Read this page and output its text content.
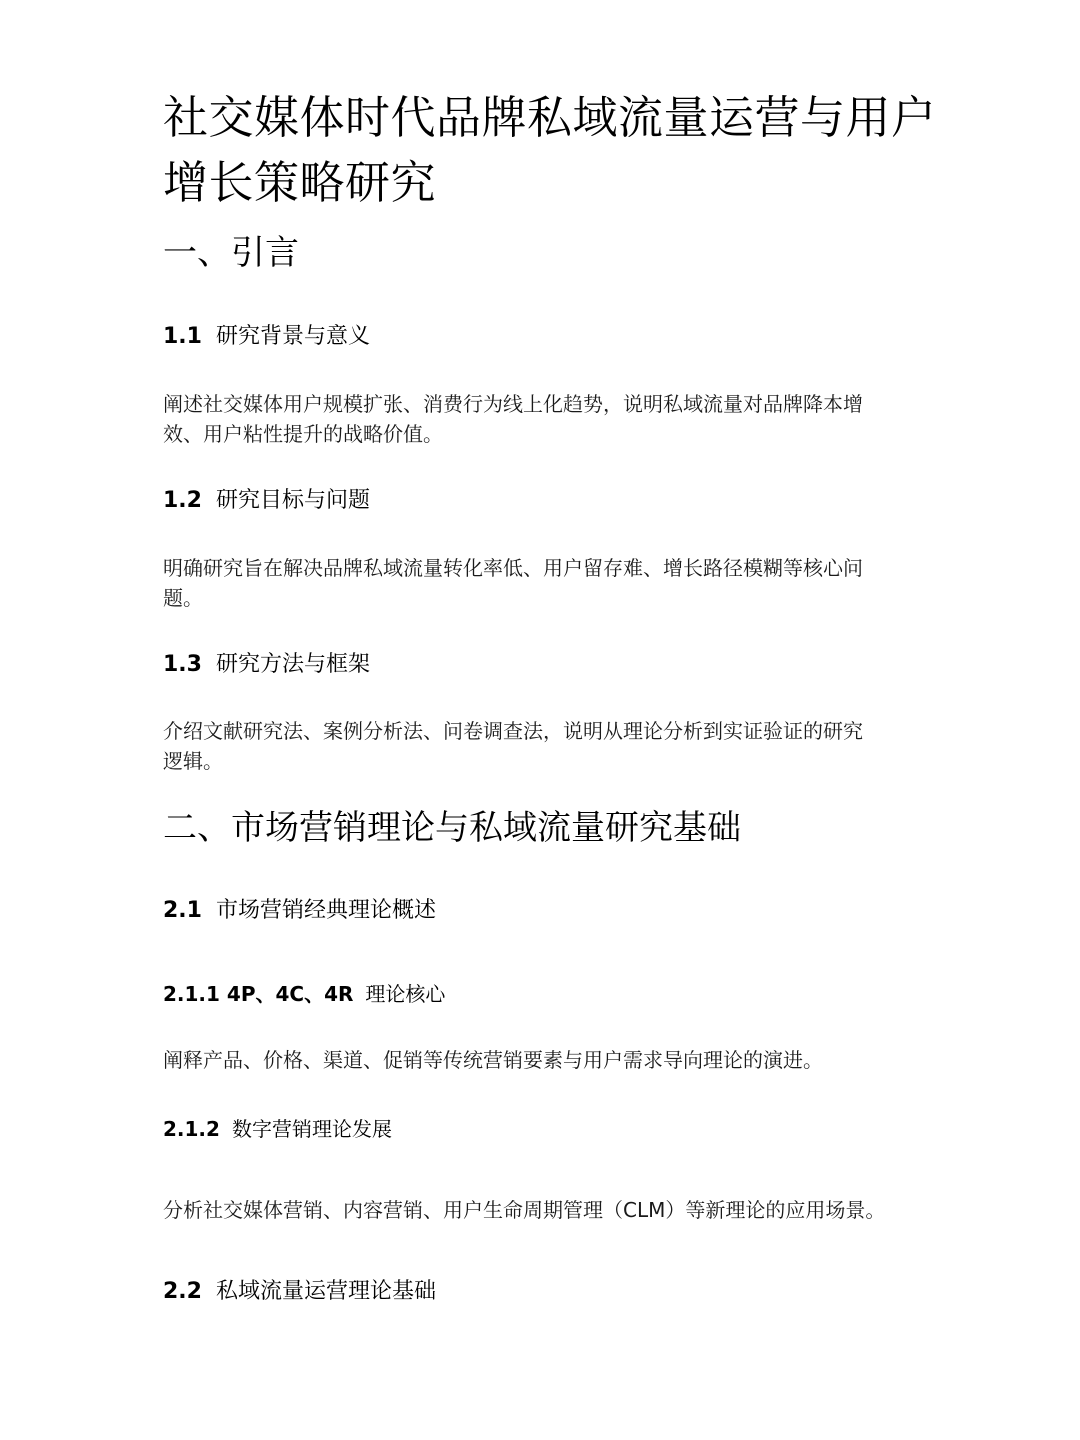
社交媒体时代品牌私域流量运营与用户
增长策略研究
一、引言
1.1 研究背景与意义

阐述社交媒体用户规模扩张、消费行为线上化趋势，说明私域流量对品牌降本增
效、用户粘性提升的战略价值。

1.2 研究目标与问题

明确研究旨在解决品牌私域流量转化率低、用户留存难、增长路径模糊等核心问
题。

1.3 研究方法与框架

介绍文献研究法、案例分析法、问卷调查法，说明从理论分析到实证验证的研究
逻辑。

二、市场营销理论与私域流量研究基础
2.1 市场营销经典理论概述
2.1.1 4P、4C、4R 理论核心

阐释产品、价格、渠道、促销等传统营销要素与用户需求导向理论的演进。

2.1.2 数字营销理论发展

分析社交媒体营销、内容营销、用户生命周期管理（CLM）等新理论的应用场景。

2.2 私域流量运营理论基础
